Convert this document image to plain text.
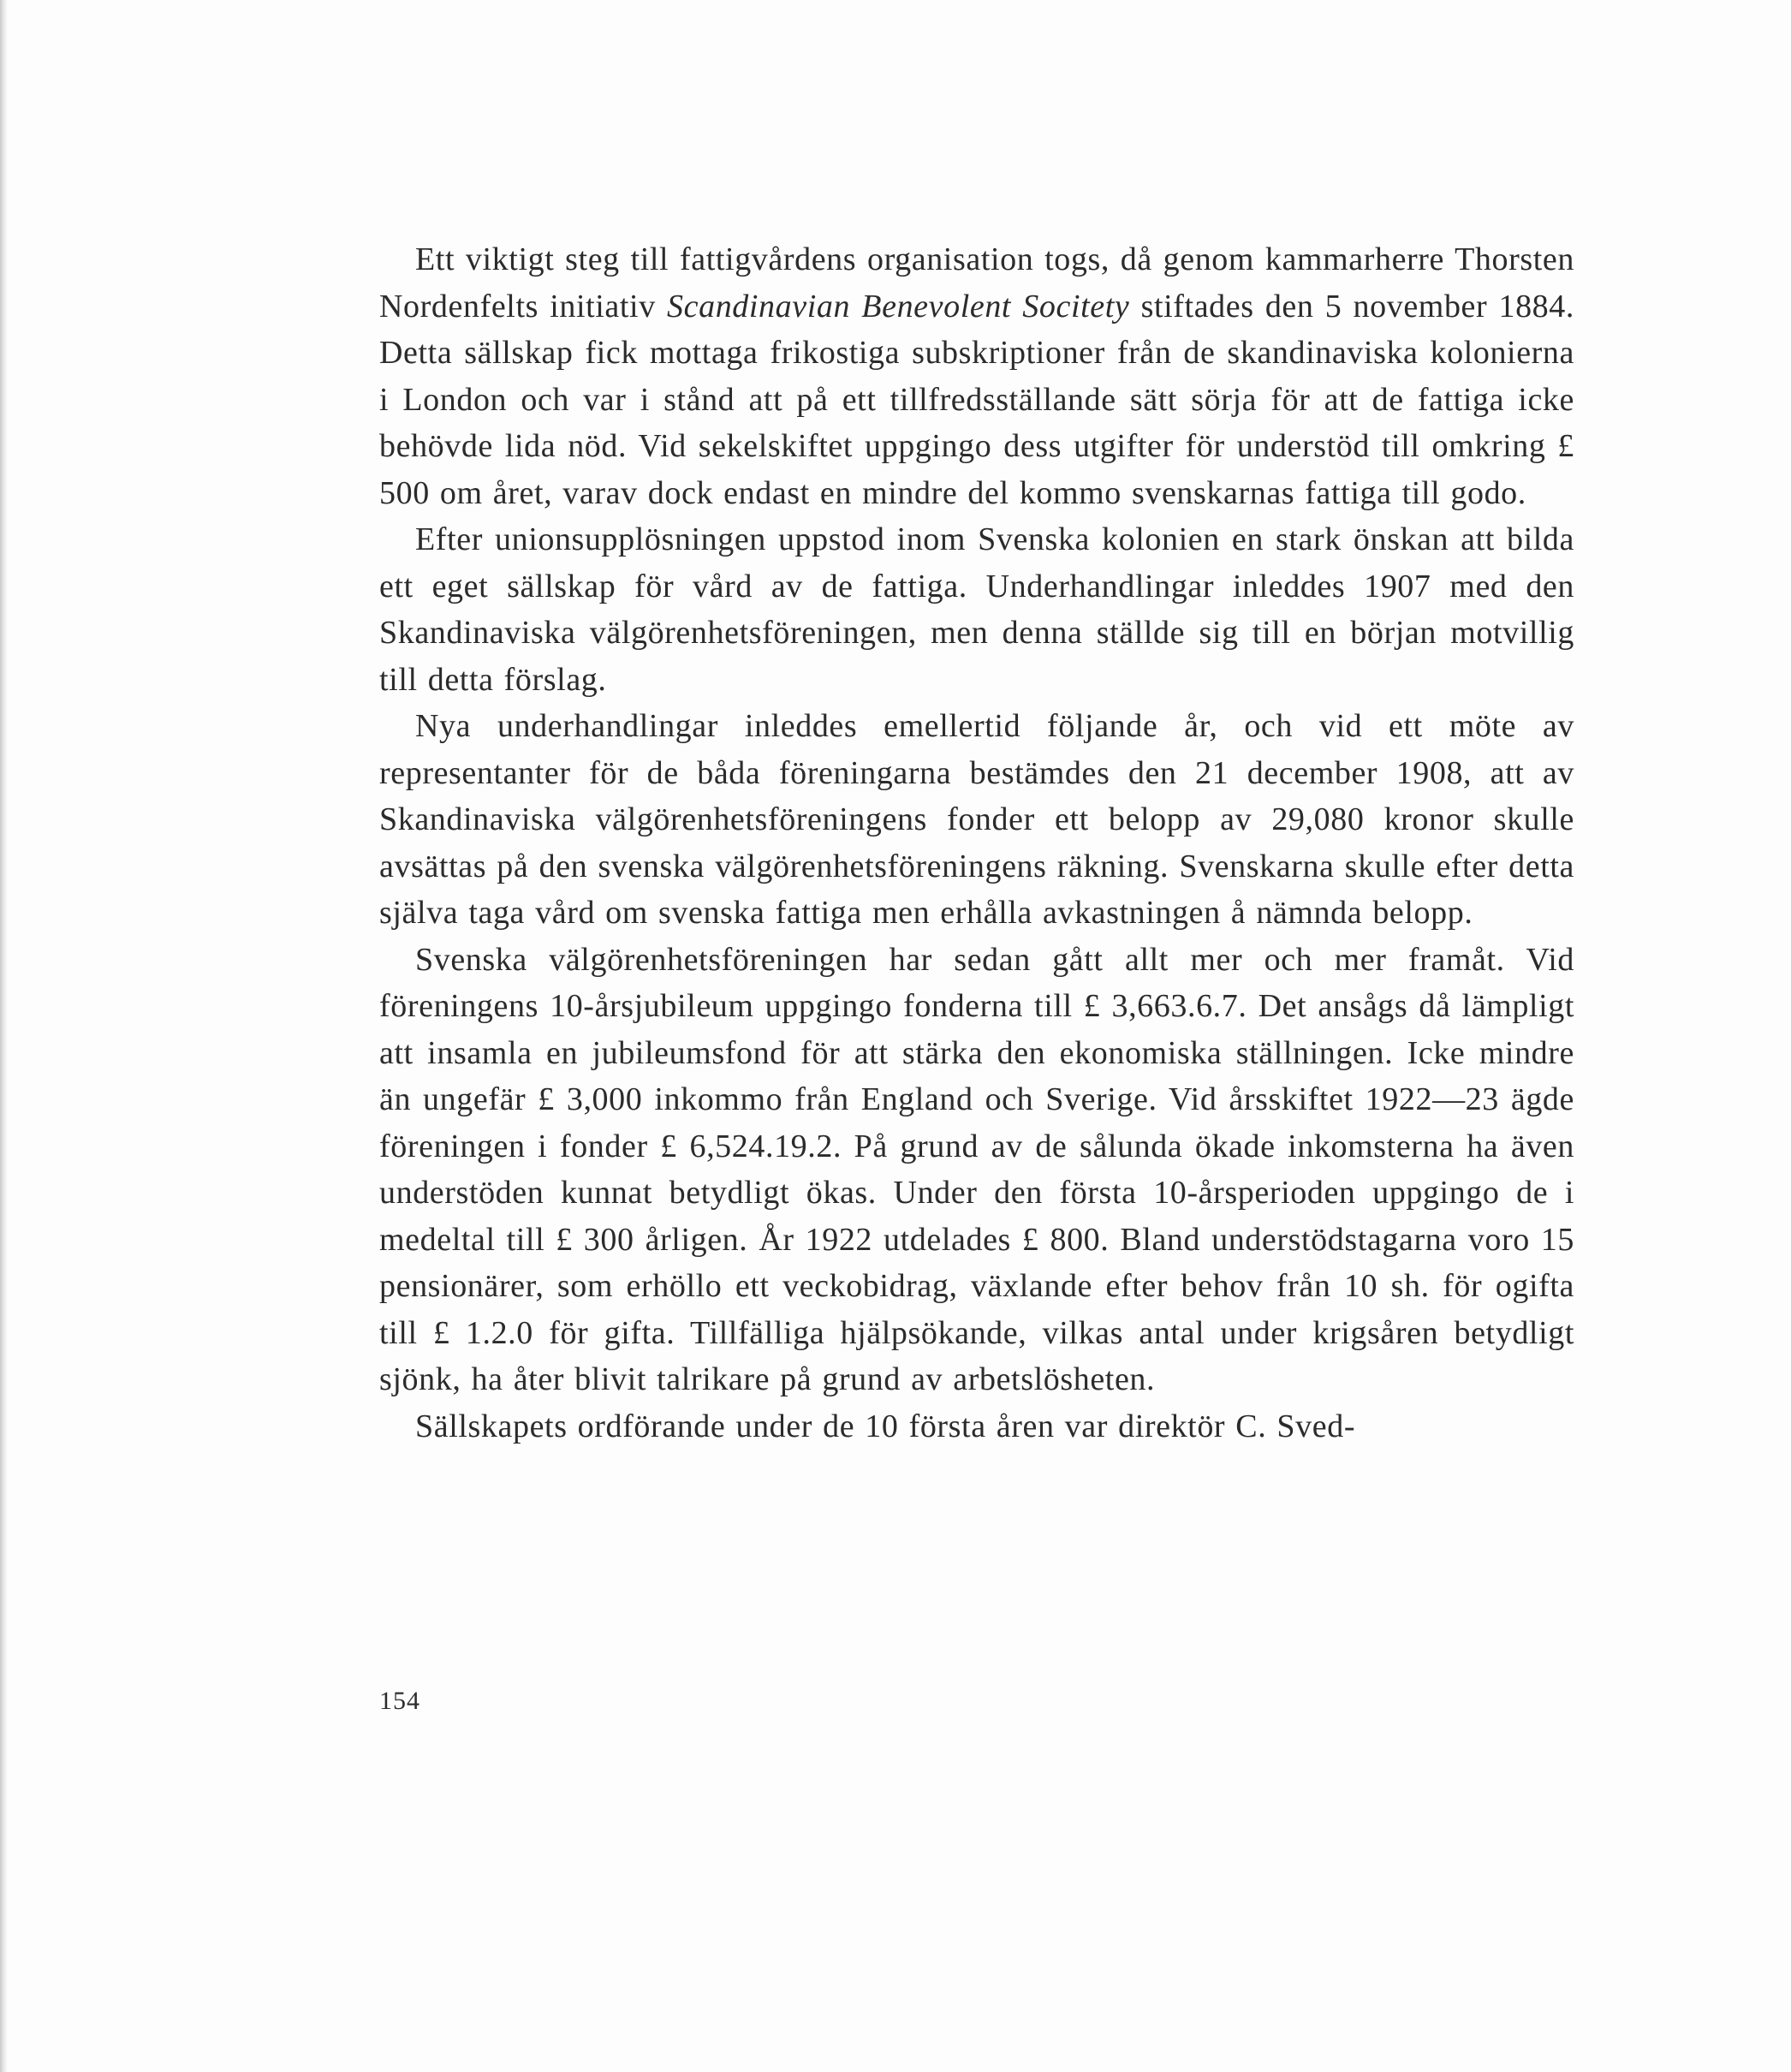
Ett viktigt steg till fattigvårdens organisation togs, då genom kammarherre Thorsten Nordenfelts initiativ Scandinavian Benevolent Socitety stiftades den 5 november 1884. Detta sällskap fick mottaga frikostiga subskriptioner från de skandinaviska kolonierna i London och var i stånd att på ett tillfredsställande sätt sörja för att de fattiga icke behövde lida nöd. Vid sekelskiftet uppgingo dess utgifter för understöd till omkring £ 500 om året, varav dock endast en mindre del kommo svenskarnas fattiga till godo.

Efter unionsupplösningen uppstod inom Svenska kolonien en stark önskan att bilda ett eget sällskap för vård av de fattiga. Underhandlingar inleddes 1907 med den Skandinaviska välgörenhetsföreningen, men denna ställde sig till en början motvillig till detta förslag.

Nya underhandlingar inleddes emellertid följande år, och vid ett möte av representanter för de båda föreningarna bestämdes den 21 december 1908, att av Skandinaviska välgörenhetsföreningens fonder ett belopp av 29,080 kronor skulle avsättas på den svenska välgörenhetsföreningens räkning. Svenskarna skulle efter detta själva taga vård om svenska fattiga men erhålla avkastningen å nämnda belopp.

Svenska välgörenhetsföreningen har sedan gått allt mer och mer framåt. Vid föreningens 10-årsjubileum uppgingo fonderna till £ 3,663.6.7. Det ansågs då lämpligt att insamla en jubileumsfond för att stärka den ekonomiska ställningen. Icke mindre än ungefär £ 3,000 inkommo från England och Sverige. Vid årsskiftet 1922—23 ägde föreningen i fonder £ 6,524.19.2. På grund av de sålunda ökade inkomsterna ha även understöden kunnat betydligt ökas. Under den första 10-årsperioden uppgingo de i medeltal till £ 300 årligen. År 1922 utdelades £ 800. Bland understödstagarna voro 15 pensionärer, som erhöllo ett veckobidrag, växlande efter behov från 10 sh. för ogifta till £ 1.2.0 för gifta. Tillfälliga hjälpsökande, vilkas antal under krigsåren betydligt sjönk, ha åter blivit talrikare på grund av arbetslösheten.

Sällskapets ordförande under de 10 första åren var direktör C. Sved-

154
